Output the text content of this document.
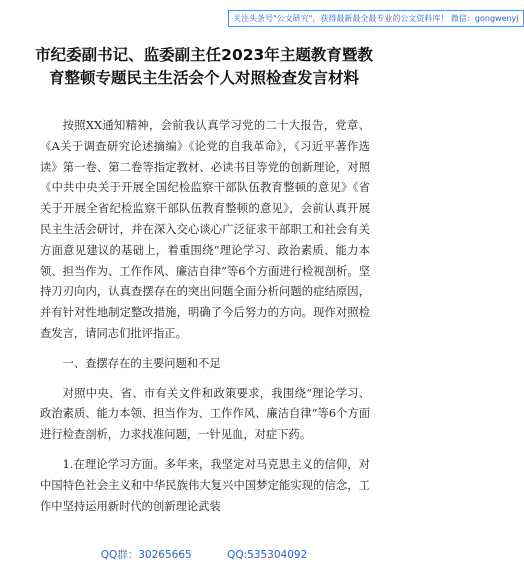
关注头条号"公文研究"，获得最新最全最专业的公文资料库！ 微信：gongwenyj
市纪委副书记、监委副主任2023年主题教育暨教育整顿专题民主生活会个人对照检查发言材料

按照XX通知精神，会前我认真学习党的二十大报告，党章、《A关于调查研究论述摘编》《论党的自我革命》，《习近平著作选读》第一卷、第二卷等指定教材、必读书目等党的创新理论，对照《中共中央关于开展全国纪检监察干部队伍教育整顿的意见》《省关于开展全省纪检监察干部队伍教育整顿的意见》，会前认真开展民主生活会研讨，并在深入交心谈心广泛征求干部职工和社会有关方面意见建议的基础上，着重围绕“理论学习、政治素质、能力本领、担当作为、工作作风、廉洁自律”等6个方面进行检视剖析。坚持刀刃向内，认真查摆存在的突出问题全面分析问题的症结原因，并有针对性地制定整改措施，明确了今后努力的方向。现作对照检查发言，请同志们批评指正。

一、查摆存在的主要问题和不足

对照中央、省、市有关文件和政策要求，我围绕“理论学习、政治素质、能力本领、担当作为、工作作风、廉洁自律”等6个方面进行检查剖析，力求找准问题，一针见血，对症下药。

1.在理论学习方面。多年来，我坚定对马克思主义的信仰，对中国特色社会主义和中华民族伟大复兴中国梦定能实现的信念，工作中坚持运用新时代的创新理论武装

QQ群：30265665	QQ:535304092
